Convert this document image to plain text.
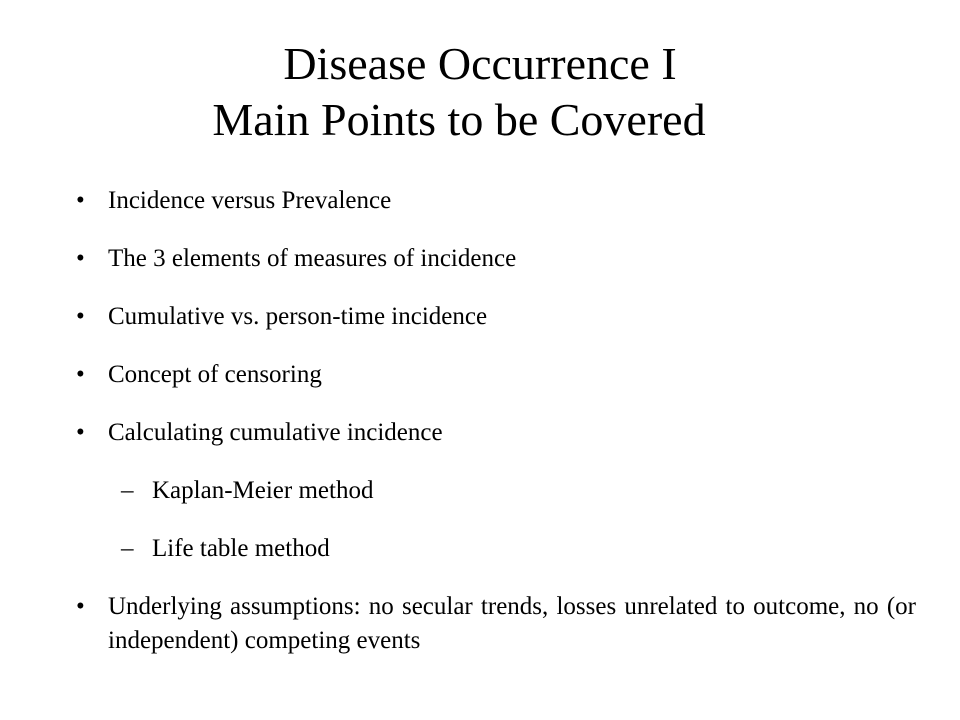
Disease Occurrence I
Main Points to be Covered
• Incidence versus Prevalence
• The 3 elements of measures of incidence
• Cumulative vs. person-time incidence
• Concept of censoring
• Calculating cumulative incidence
– Kaplan-Meier method
– Life table method
• Underlying assumptions: no secular trends, losses unrelated to outcome, no (or independent) competing events
